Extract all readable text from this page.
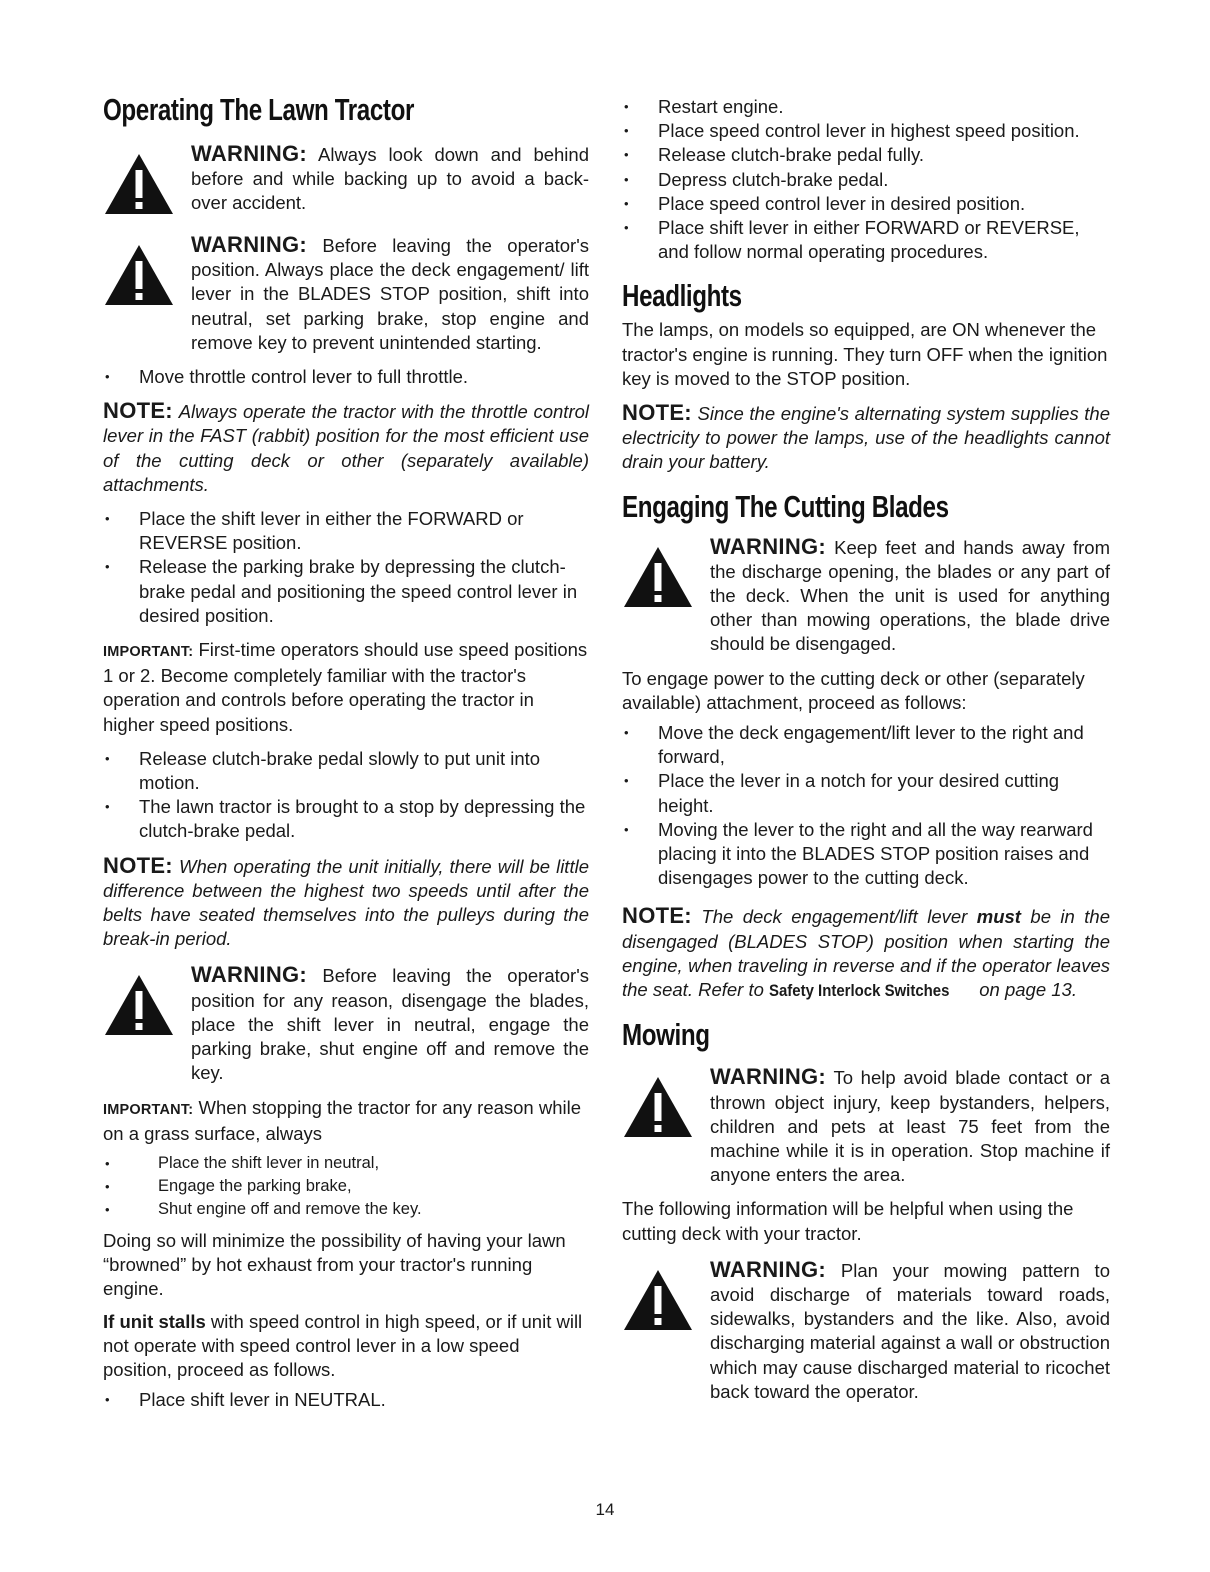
Operating The Lawn Tractor
WARNING: Always look down and behind before and while backing up to avoid a back-over accident.
WARNING: Before leaving the operator's position. Always place the deck engagement/ lift lever in the BLADES STOP position, shift into neutral, set parking brake, stop engine and remove key to prevent unintended starting.
• Move throttle control lever to full throttle.
NOTE: Always operate the tractor with the throttle control lever in the FAST (rabbit) position for the most efficient use of the cutting deck or other (separately available) attachments.
• Place the shift lever in either the FORWARD or REVERSE position.
• Release the parking brake by depressing the clutch-brake pedal and positioning the speed control lever in desired position.

IMPORTANT: First-time operators should use speed positions 1 or 2. Become completely familiar with the tractor's operation and controls before operating the tractor in higher speed positions.

• Release clutch-brake pedal slowly to put unit into motion.
• The lawn tractor is brought to a stop by depressing the clutch-brake pedal.
NOTE: When operating the unit initially, there will be little difference between the highest two speeds until after the belts have seated themselves into the pulleys during the break-in period.
WARNING: Before leaving the operator's position for any reason, disengage the blades, place the shift lever in neutral, engage the parking brake, shut engine off and remove the key.

IMPORTANT: When stopping the tractor for any reason while on a grass surface, always

• Place the shift lever in neutral,
• Engage the parking brake,
• Shut engine off and remove the key.

Doing so will minimize the possibility of having your lawn “browned” by hot exhaust from your tractor's running engine.

If unit stalls with speed control in high speed, or if unit will not operate with speed control lever in a low speed position, proceed as follows.

• Place shift lever in NEUTRAL.
• Restart engine.
• Place speed control lever in highest speed position.
• Release clutch-brake pedal fully.
• Depress clutch-brake pedal.
• Place speed control lever in desired position.
• Place shift lever in either FORWARD or REVERSE, and follow normal operating procedures.
Headlights

The lamps, on models so equipped, are ON whenever the tractor's engine is running. They turn OFF when the ignition key is moved to the STOP position.

NOTE: Since the engine's alternating system supplies the electricity to power the lamps, use of the headlights cannot drain your battery.
Engaging The Cutting Blades
WARNING: Keep feet and hands away from the discharge opening, the blades or any part of the deck. When the unit is used for anything other than mowing operations, the blade drive should be disengaged.

To engage power to the cutting deck or other (separately available) attachment, proceed as follows:

• Move the deck engagement/lift lever to the right and forward,
• Place the lever in a notch for your desired cutting height.
• Moving the lever to the right and all the way rearward placing it into the BLADES STOP position raises and disengages power to the cutting deck.
NOTE: The deck engagement/lift lever must be in the disengaged (BLADES STOP) position when starting the engine, when traveling in reverse and if the operator leaves the seat. Refer to Safety Interlock Switches on page 13.
Mowing
WARNING: To help avoid blade contact or a thrown object injury, keep bystanders, helpers, children and pets at least 75 feet from the machine while it is in operation. Stop machine if anyone enters the area.

The following information will be helpful when using the cutting deck with your tractor.

WARNING: Plan your mowing pattern to avoid discharge of materials toward roads, sidewalks, bystanders and the like. Also, avoid discharging material against a wall or obstruction which may cause discharged material to ricochet back toward the operator.
14
